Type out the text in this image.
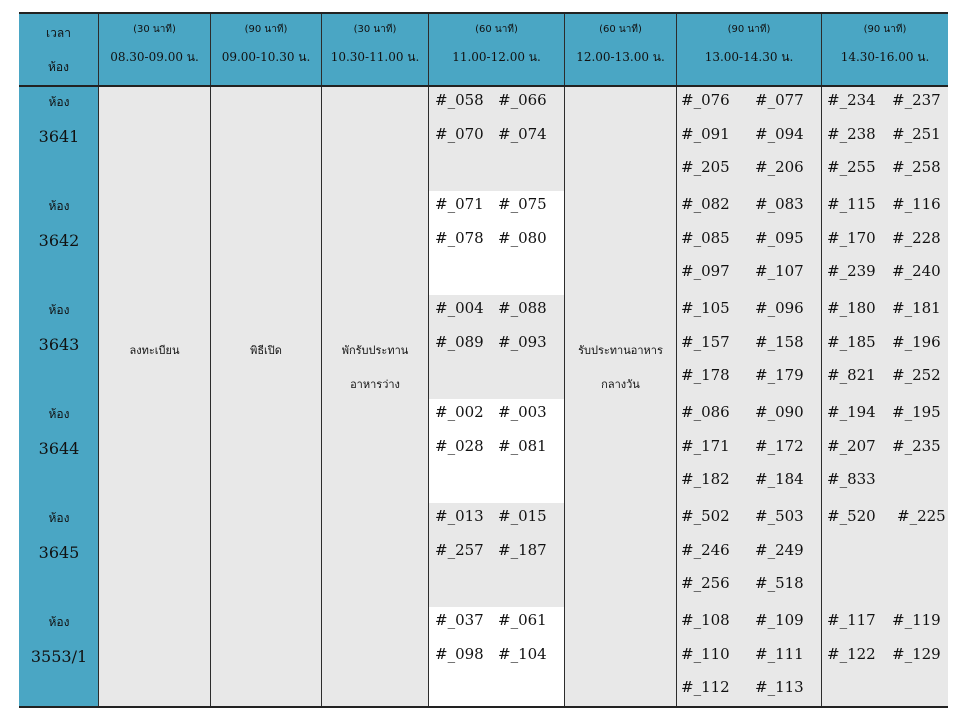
เวลา
ห้อง
(30 นาที)
08.30-09.00 น.
(90 นาที)
09.00-10.30 น.
(30 นาที)
10.30-11.00 น.
(60 นาที)
11.00-12.00 น.
(60 นาที)
12.00-13.00 น.
(90 นาที)
13.00-14.30 น.
(90 นาที)
14.30-16.00 น.
ห้อง
3641
ห้อง
3642
ห้อง
3643
ห้อง
3644
ห้อง
3645
ห้อง
3553/1
ลงทะเบียน	พิธีเปิด	พักรับประทาน
อาหารว่าง
รับประทานอาหาร
กลางวัน
#_058 #_066
#_070 #_074
#_076 #_077
#_091 #_094
#_205 #_206
#_234 #_237
#_238 #_251
#_255 #_258
#_071 #_075
#_078 #_080
#_082 #_083
#_085 #_095
#_097 #_107
#_115 #_116
#_170 #_228
#_239 #_240
#_004 #_088
#_089 #_093
#_105 #_096
#_157 #_158
#_178 #_179
#_180 #_181
#_185 #_196
#_821 #_252
#_002 #_003
#_028 #_081
#_086 #_090
#_171 #_172
#_182 #_184
#_194 #_195
#_207 #_235
#_833
#_013 #_015
#_257 #_187
#_502 #_503
#_246 #_249
#_256 #_518
#_520 #_225
#_037 #_061
#_098 #_104
#_108 #_109
#_110 #_111
#_112 #_113
#_117 #_119
#_122 #_129
